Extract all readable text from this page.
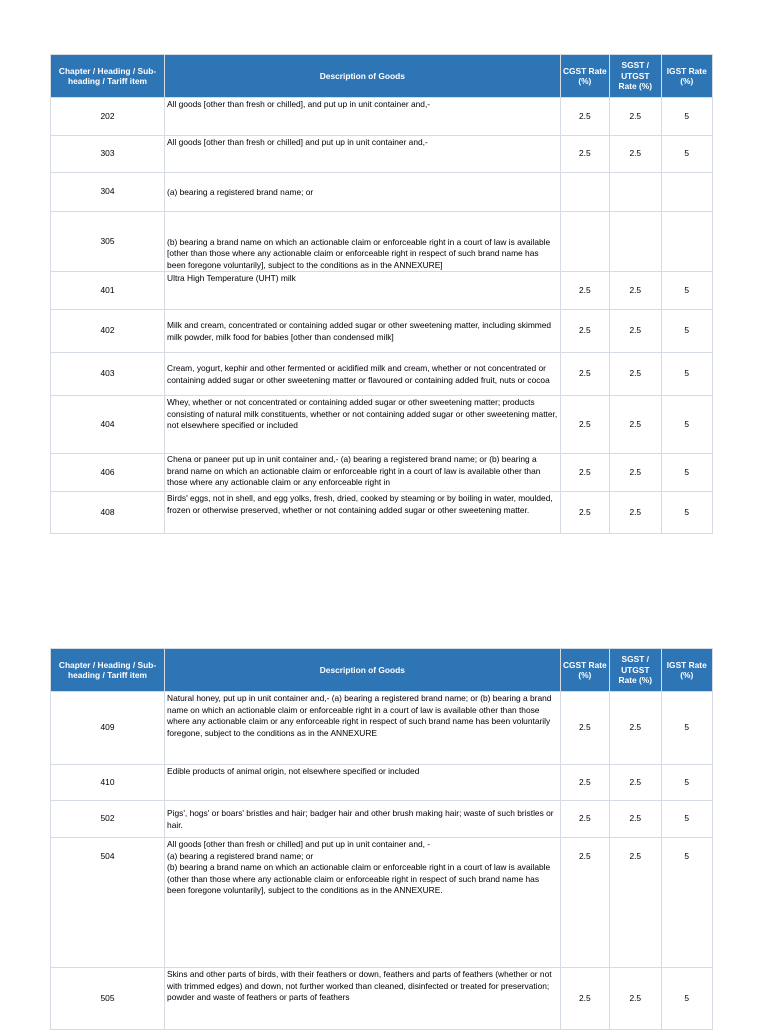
Chapter / Heading / Sub-heading / Tariff item	Description of Goods	CGST Rate (%)	SGST / UTGST Rate (%)	IGST Rate (%)
202	All goods [other than fresh or chilled], and put up in unit container and,-	2.5	2.5	5
303	All goods [other than fresh or chilled] and put up in unit container and,-	2.5	2.5	5
304	(a) bearing a registered brand name; or			
305	(b) bearing a brand name on which an actionable claim or enforceable right in a court of law is available [other than those where any actionable claim or enforceable right in respect of such brand name has been foregone voluntarily], subject to the conditions as in the ANNEXURE]			
401	Ultra High Temperature (UHT) milk	2.5	2.5	5
402	Milk and cream, concentrated or containing added sugar or other sweetening matter, including skimmed milk powder, milk food for babies [other than condensed milk]	2.5	2.5	5
403	Cream, yogurt, kephir and other fermented or acidified milk and cream, whether or not concentrated or containing added sugar or other sweetening matter or flavoured or containing added fruit, nuts or cocoa	2.5	2.5	5
404	Whey, whether or not concentrated or containing added sugar or other sweetening matter; products consisting of natural milk constituents, whether or not containing added sugar or other sweetening matter, not elsewhere specified or included	2.5	2.5	5
406	Chena or paneer put up in unit container and,- (a) bearing a registered brand name; or (b) bearing a brand name on which an actionable claim or enforceable right in a court of law is available other than those where any actionable claim or any enforceable right in	2.5	2.5	5
408	Birds' eggs, not in shell, and egg yolks, fresh, dried, cooked by steaming or by boiling in water, moulded, frozen or otherwise preserved, whether or not containing added sugar or other sweetening matter.	2.5	2.5	5
Chapter / Heading / Sub-heading / Tariff item	Description of Goods	CGST Rate (%)	SGST / UTGST Rate (%)	IGST Rate (%)
409	Natural honey, put up in unit container and,- (a) bearing a registered brand name; or (b) bearing a brand name on which an actionable claim or enforceable right in a court of law is available other than those where any actionable claim or any enforceable right in respect of such brand name has been voluntarily foregone, subject to the conditions as in the ANNEXURE	2.5	2.5	5
410	Edible products of animal origin, not elsewhere specified or included	2.5	2.5	5
502	Pigs', hogs' or boars' bristles and hair; badger hair and other brush making hair; waste of such bristles or hair.	2.5	2.5	5
504	All goods [other than fresh or chilled] and put up in unit container and, -

(a) bearing a registered brand name; or

(b) bearing a brand name on which an actionable claim or enforceable right in a court of law is available (other than those where any actionable claim or enforceable right in respect of such brand name has been foregone voluntarily], subject to the conditions as in the ANNEXURE.	2.5	2.5	5
505	Skins and other parts of birds, with their feathers or down, feathers and parts of feathers (whether or not with trimmed edges) and down, not further worked than cleaned, disinfected or treated for preservation; powder and waste of feathers or parts of feathers	2.5	2.5	5
